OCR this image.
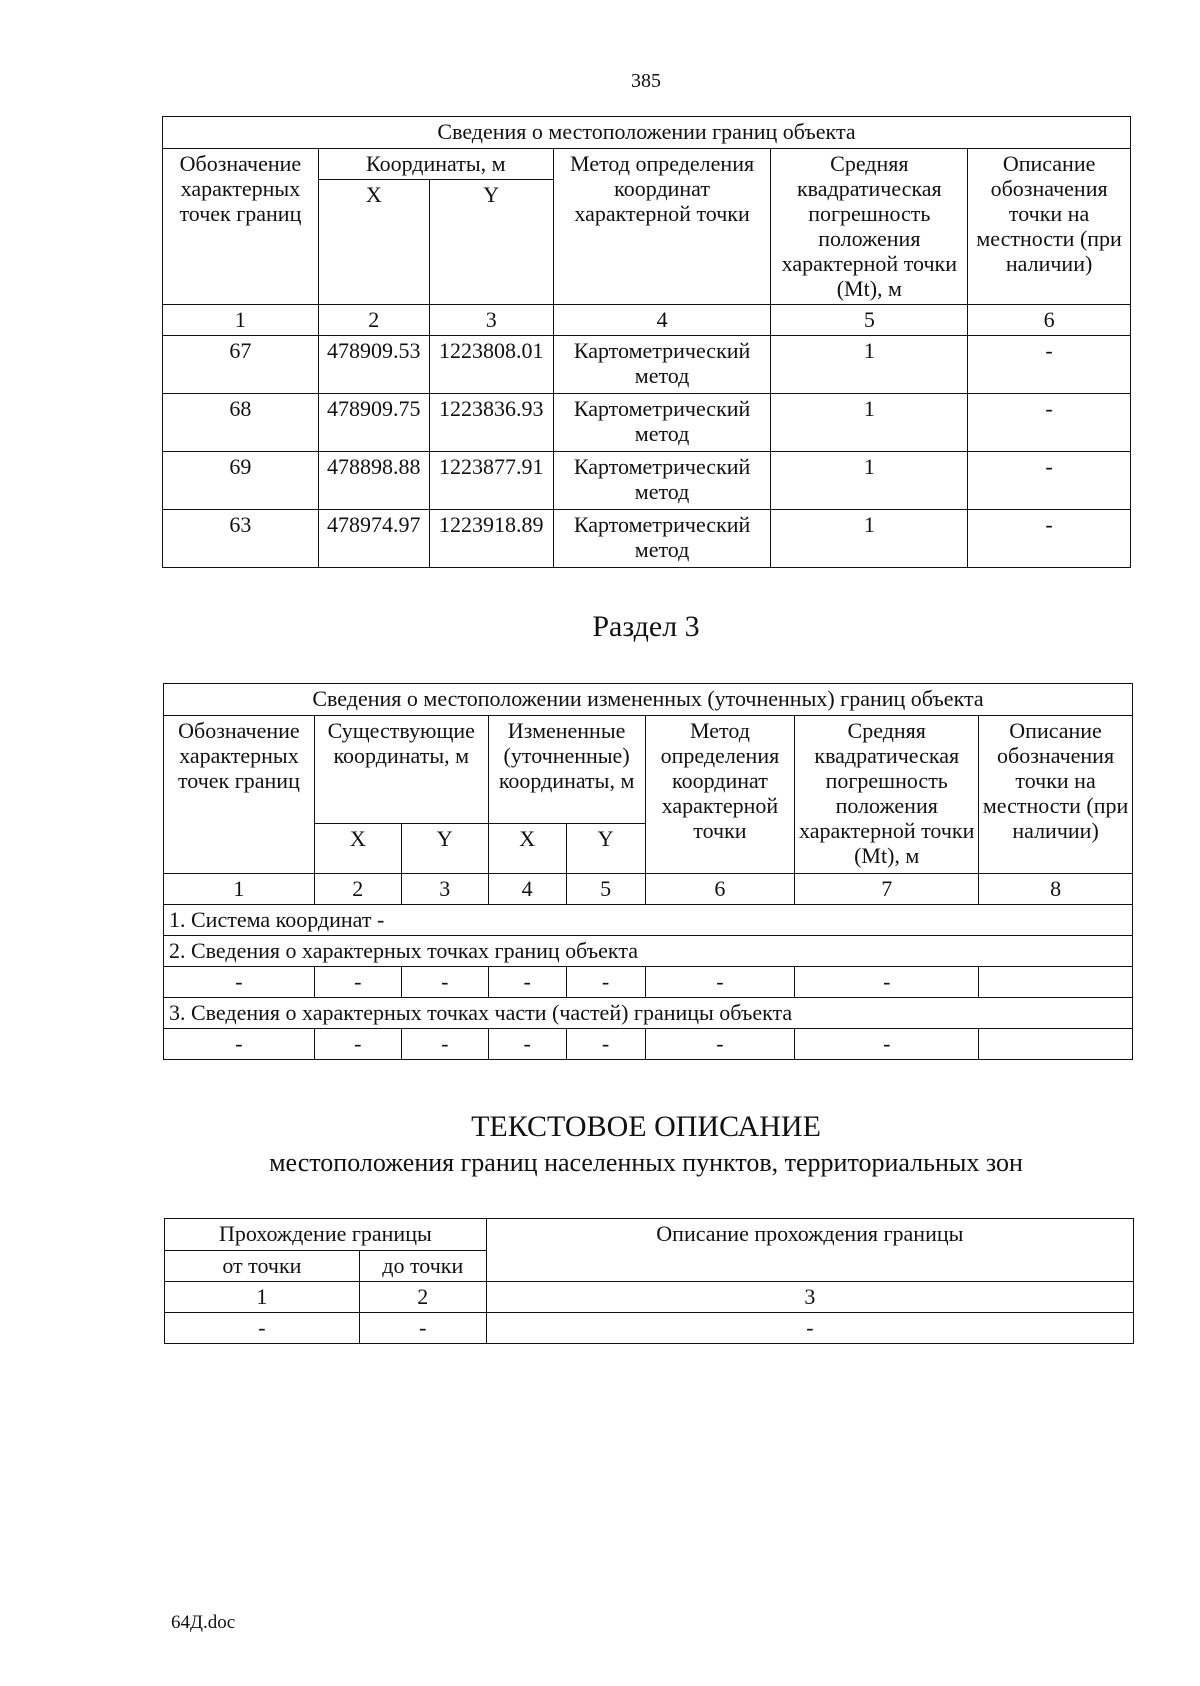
385
Сведения о местоположении границ объекта					
Обозначение характерных точек границ	Координаты, м		Метод определения координат характерной точки	Средняя квадратическая погрешность положения характерной точки (Mt), м	Описание обозначения точки на местности (при наличии)
	X	Y			
1	2	3	4	5	6
67	478909.53	1223808.01	Картометрический метод	1	-
68	478909.75	1223836.93	Картометрический метод	1	-
69	478898.88	1223877.91	Картометрический метод	1	-
63	478974.97	1223918.89	Картометрический метод	1	-
Раздел 3
Сведения о местоположении измененных (уточненных) границ объекта							
Обозначение характерных точек границ	Существующие координаты, м		Измененные (уточненные) координаты, м		Метод определения координат характерной точки	Средняя квадратическая погрешность положения характерной точки (Mt), м	Описание обозначения точки на местности (при наличии)
	X	Y	X	Y			
1	2	3	4	5	6	7	8
1. Система координат -							
2. Сведения о характерных точках границ объекта							
-	-	-	-	-	-	-	
3. Сведения о характерных точках части (частей) границы объекта							
-	-	-	-	-	-	-	
ТЕКСТОВОЕ ОПИСАНИЕ
местоположения границ населенных пунктов, территориальных зон
Прохождение границы		Описание прохождения границы
от точки	до точки	
1	2	3
-	-	-
64Д.doc
